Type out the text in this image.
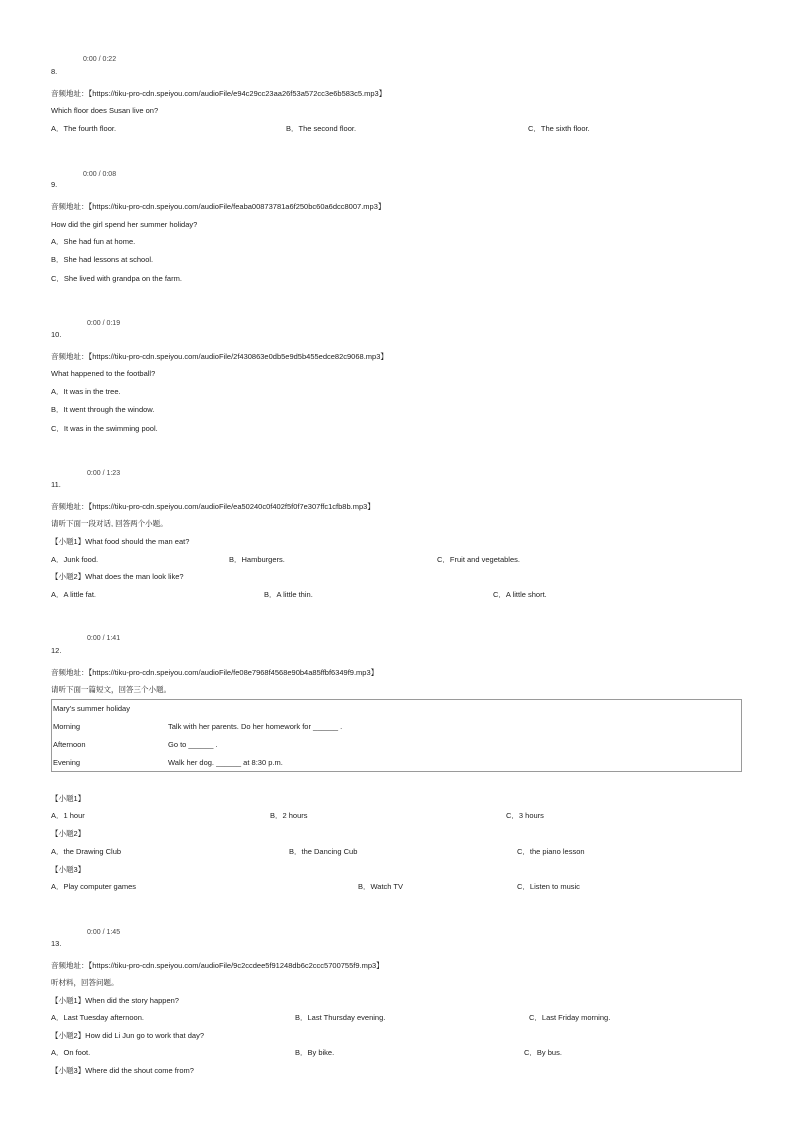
0:00 / 0:22
8.
音频地址：【https://tiku-pro-cdn.speiyou.com/audioFile/e94c29cc23aa26f53a572cc3e6b583c5.mp3】
Which floor does Susan live on?
A．The fourth floor.	B．The second floor.	C．The sixth floor.
0:00 / 0:08
9.
音频地址：【https://tiku-pro-cdn.speiyou.com/audioFile/feaba00873781a6f250bc60a6dcc8007.mp3】
How did the girl spend her summer holiday?
A．She had fun at home.
B．She had lessons at school.
C．She lived with grandpa on the farm.
0:00 / 0:19
10.
音频地址：【https://tiku-pro-cdn.speiyou.com/audioFile/2f430863e0db5e9d5b455edce82c9068.mp3】
What happened to the football?
A．It was in the tree.
B．It went through the window.
C．It was in the swimming pool.
0:00 / 1:23
11.
音频地址：【https://tiku-pro-cdn.speiyou.com/audioFile/ea50240c0f402f5f0f7e307ffc1cfb8b.mp3】
请听下面一段对话, 回答两个小题。
【小题1】What food should the man eat?
A．Junk food.	B．Hamburgers.	C．Fruit and vegetables.
【小题2】What does the man look like?
A．A little fat.	B．A little thin.	C．A little short.
0:00 / 1:41
12.
音频地址：【https://tiku-pro-cdn.speiyou.com/audioFile/fe08e7968f4568e90b4a85ffbf6349f9.mp3】
请听下面一篇短文，回答三个小题。
Mary’s summer holiday
Morning	Talk with her parents. Do her homework for ______ .
Afternoon	Go to ______ .
Evening	Walk her dog. ______ at 8:30 p.m.
【小题1】
A．1 hour	B．2 hours	C．3 hours
【小题2】
A．the Drawing Club	B．the Dancing Cub	C．the piano lesson
【小题3】
A．Play computer games	B．Watch TV	C．Listen to music
0:00 / 1:45
13.
音频地址：【https://tiku-pro-cdn.speiyou.com/audioFile/9c2ccdee5f91248db6c2ccc5700755f9.mp3】
听材料，回答问题。
【小题1】When did the story happen?
A．Last Tuesday afternoon.	B．Last Thursday evening.	C．Last Friday morning.
【小题2】How did Li Jun go to work that day?
A．On foot.	B．By bike.	C．By bus.
【小题3】Where did the shout come from?
